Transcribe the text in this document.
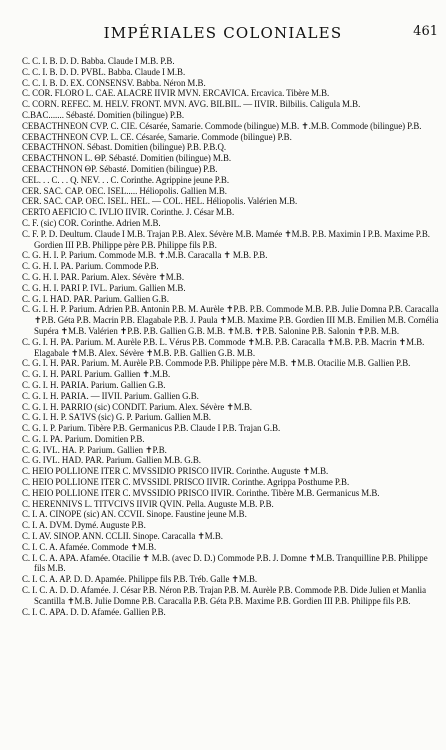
IMPÉRIALES COLONIALES	461

C. C. I. B. D. D. Babba. Claude I M.B. P.B.

C. C. I. B. D. D. PVBL. Babba. Claude I M.B.

C. C. I. B. D. EX. CONSENSV. Babba. Néron M.B.

C. COR. FLORO L. CAE. ALACRE IIVIR MVN. ERCAVICA. Ercavica. Tibère M.B.

C. CORN. REFEC. M. HELV. FRONT. MVN. AVG. BILBIL. — IIVIR. Bilbilis. Caligula M.B.

C.BAC....... Sébasté. Domitien (bilingue) P.B.

CEBACTHNEON CVP. C. CIE. Césarée, Samarie. Commode (bilingue) M.B. ✝.M.B. Commode (bilingue) P.B.

CEBACTHNEON CVP. L. CE. Césarée, Samarie. Commode (bilingue) P.B.

CEBACTHNON. Sébast. Domitien (bilingue) P.B. P.B.Q.

CEBACTHNON L. ΘP. Sébasté. Domitien (bilingue) M.B.

CEBACTHNON ΘP. Sébasté. Domitien (bilingue) P.B.

CEL. . . C. . . Q. NEV. . . C. Corinthe. Agrippine jeune P.B.

CER. SAC. CAP. OEC. ISEL..... Héliopolis. Gallien M.B.

CER. SAC. CAP. OEC. ISEL. HEL. — COL. HEL. Héliopolis. Valérien M.B.

CERTO AEFICIO C. IVLIO IIVIR. Corinthe. J. César M.B.

C. F. (sic) COR. Corinthe. Adrien M.B.

C. F. P. D. Deultum. Claude I M.B. Trajan P.B. Alex. Sévère M.B. Mamée ✝M.B. P.B. Maximin I P.B. Maxime P.B. Gordien III P.B. Philippe père P.B. Philippe fils P.B.

C. G. H. I. P. Parium. Commode M.B. ✝.M.B. Caracalla ✝ M.B. P.B.

C. G. H. I. PA. Parium. Commode P.B.

C. G. H. I. PAR. Parium. Alex. Sévère ✝M.B.

C. G. H. I. PARI P. IVL. Parium. Gallien M.B.

C. G. I. HAD. PAR. Parium. Gallien G.B.

C. G. I. H. P. Parium. Adrien P.B. Antonin P.B. M. Aurèle ✝P.B. P.B. Commode M.B. P.B. Julie Domna P.B. Caracalla ✝P.B. Géta P.B. Macrin P.B. Elagabale P.B. J. Paula ✝M.B. Maxime P.B. Gordien III M.B. Emilien M.B. Cornélia Supéra ✝M.B. Valérien ✝P.B. P.B. Gallien G.B. M.B. ✝M.B. ✝P.B. Salonine P.B. Salonin ✝P.B. M.B.

C. G. I. H. PA. Parium. M. Aurèle P.B. L. Vérus P.B. Commode ✝M.B. P.B. Caracalla ✝M.B. P.B. Macrin ✝M.B. Elagabale ✝M.B. Alex. Sévère ✝M.B. P.B. Gallien G.B. M.B.

C. G. I. H. PAR. Parium. M. Aurèle P.B. Commode P.B. Philippe père M.B. ✝M.B. Otacilie M.B. Gallien P.B.

C. G. I. H. PARI. Parium. Gallien ✝.M.B.

C. G. I. H. PARIA. Parium. Gallien G.B.

C. G. I. H. PARIA. — IIVII. Parium. Gallien G.B.

C. G. I. H. PARRIO (sic) CONDIT. Parium. Alex. Sévère ✝M.B.

C. G. I. H. P. SA'IVS (sic) G. P. Parium. Gallien M.B.

C. G. I. P. Parium. Tibère P.B. Germanicus P.B. Claude I P.B. Trajan G.B.

C. G. I. PA. Parium. Domitien P.B.

C. G. IVL. HA. P. Parium. Gallien ✝P.B.

C. G. IVL. HAD. PAR. Parium. Gallien M.B. G.B.

C. HEIO POLLIONE ITER C. MVSSIDIO PRISCO IIVIR. Corinthe. Auguste ✝M.B.

C. HEIO POLLIONE ITER C. MVSSIDI. PRISCO IIVIR. Corinthe. Agrippa Posthume P.B.

C. HEIO POLLIONE ITER C. MVSSIDIO PRISCO IIVIR. Corinthe. Tibère M.B. Germanicus M.B.

C. HERENNIVS L. TITVCIVS IIVIR QVIN. Pella. Auguste M.B. P.B.

C. I. A. CINOPE (sic) AN. CCVII. Sinope. Faustine jeune M.B.

C. I. A. DVM. Dymé. Auguste P.B.

C. I. AV. SINOP. ANN. CCLII. Sinope. Caracalla ✝M.B.

C. I. C. A. Afamée. Commode ✝M.B.

C. I. C. A. APA. Afamée. Otacilie ✝ M.B. (avec D. D.) Commode P.B. J. Domne ✝M.B. Tranquilline P.B. Philippe fils M.B.

C. I. C. A. AP. D. D. Apamée. Philippe fils P.B. Tréb. Galle ✝M.B.

C. I. C. A. D. D. Afamée. J. César P.B. Néron P.B. Trajan P.B. M. Aurèle P.B. Commode P.B. Dide Julien et Manlia Scantilla ✝M.B. Julie Domne P.B. Caracalla P.B. Géta P.B. Maxime P.B. Gordien III P.B. Philippe fils P.B.

C. I. C. APA. D. D. Afamée. Gallien P.B.
